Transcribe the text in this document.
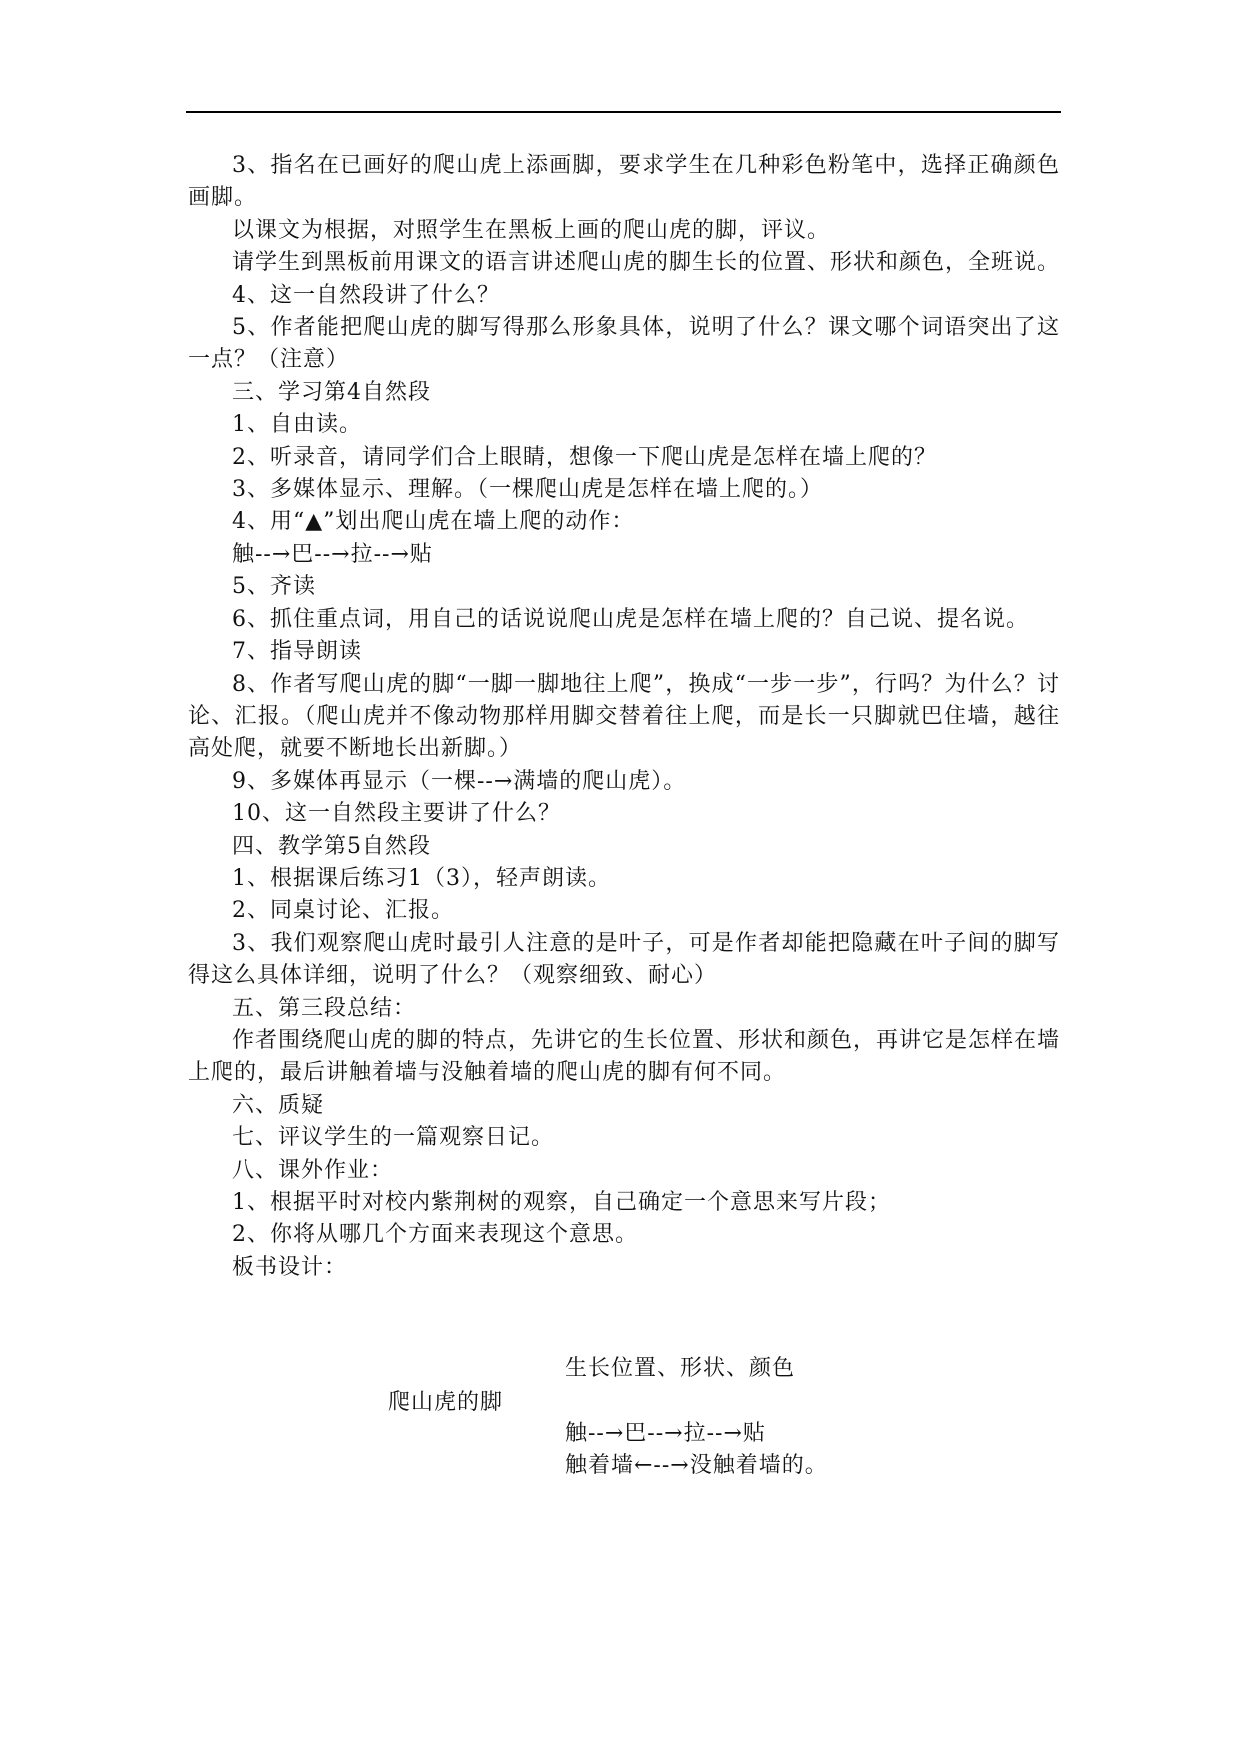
3、指名在已画好的爬山虎上添画脚，要求学生在几种彩色粉笔中，选择正确颜色画脚。

以课文为根据，对照学生在黑板上画的爬山虎的脚，评议。

请学生到黑板前用课文的语言讲述爬山虎的脚生长的位置、形状和颜色，全班说。

4、这一自然段讲了什么？

5、作者能把爬山虎的脚写得那么形象具体，说明了什么？课文哪个词语突出了这一点？（注意）

三、学习第4自然段

1、自由读。

2、听录音，请同学们合上眼睛，想像一下爬山虎是怎样在墙上爬的？

3、多媒体显示、理解。（一棵爬山虎是怎样在墙上爬的。）

4、用“▲”划出爬山虎在墙上爬的动作：

触--→巴--→拉--→贴

5、齐读

6、抓住重点词，用自己的话说说爬山虎是怎样在墙上爬的？自己说、提名说。

7、指导朗读

8、作者写爬山虎的脚“一脚一脚地往上爬”，换成“一步一步”，行吗？为什么？讨论、汇报。（爬山虎并不像动物那样用脚交替着往上爬，而是长一只脚就巴住墙，越往高处爬，就要不断地长出新脚。）

9、多媒体再显示（一棵--→满墙的爬山虎）。

10、这一自然段主要讲了什么？

四、教学第5自然段

1、根据课后练习1（3），轻声朗读。

2、同桌讨论、汇报。

3、我们观察爬山虎时最引人注意的是叶子，可是作者却能把隐藏在叶子间的脚写得这么具体详细，说明了什么？（观察细致、耐心）

五、第三段总结：

作者围绕爬山虎的脚的特点，先讲它的生长位置、形状和颜色，再讲它是怎样在墙上爬的，最后讲触着墙与没触着墙的爬山虎的脚有何不同。

六、质疑

七、评议学生的一篇观察日记。

八、课外作业：

1、根据平时对校内紫荆树的观察，自己确定一个意思来写片段；

2、你将从哪几个方面来表现这个意思。

板书设计：

生长位置、形状、颜色
爬山虎的脚
触--→巴--→拉--→贴
触着墙←--→没触着墙的。
